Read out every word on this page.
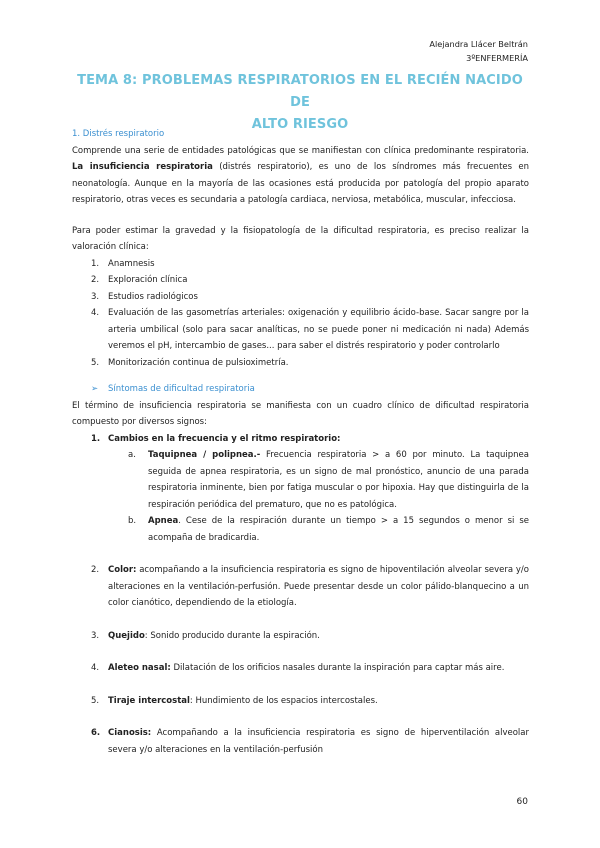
Alejandra Llácer Beltrán
3ºENFERMERÍA
TEMA 8: PROBLEMAS RESPIRATORIOS EN EL RECIÉN NACIDO DE
ALTO RIESGO

1. Distrés respiratorio

Comprende una serie de entidades patológicas que se manifiestan con clínica predominante respiratoria. La insuficiencia respiratoria (distrés respiratorio), es uno de los síndromes más frecuentes en neonatología. Aunque en la mayoría de las ocasiones está producida por patología del propio aparato respiratorio, otras veces es secundaria a patología cardiaca, nerviosa, metabólica, muscular, infecciosa.

Para poder estimar la gravedad y la fisiopatología de la dificultad respiratoria, es preciso realizar la valoración clínica:

1. Anamnesis
2. Exploración clínica
3. Estudios radiológicos
4. Evaluación de las gasometrías arteriales: oxigenación y equilibrio ácido-base. Sacar sangre por la arteria umbilical (solo para sacar analíticas, no se puede poner ni medicación ni nada) Además veremos el pH, intercambio de gases... para saber el distrés respiratorio y poder controlarlo
5. Monitorización continua de pulsioximetría.

➢ Síntomas de dificultad respiratoria

El término de insuficiencia respiratoria se manifiesta con un cuadro clínico de dificultad respiratoria compuesto por diversos signos:

1. Cambios en la frecuencia y el ritmo respiratorio:
a. Taquipnea / polipnea.- Frecuencia respiratoria > a 60 por minuto. La taquipnea seguida de apnea respiratoria, es un signo de mal pronóstico, anuncio de una parada respiratoria inminente, bien por fatiga muscular o por hipoxia. Hay que distinguirla de la respiración periódica del prematuro, que no es patológica.
b. Apnea. Cese de la respiración durante un tiempo > a 15 segundos o menor si se acompaña de bradicardia.
2. Color: acompañando a la insuficiencia respiratoria es signo de hipoventilación alveolar severa y/o alteraciones en la ventilación-perfusión. Puede presentar desde un color pálido-blanquecino a un color cianótico, dependiendo de la etiología.
3. Quejido: Sonido producido durante la espiración.
4. Aleteo nasal: Dilatación de los orificios nasales durante la inspiración para captar más aire.
5. Tiraje intercostal: Hundimiento de los espacios intercostales.
6. Cianosis: Acompañando a la insuficiencia respiratoria es signo de hiperventilación alveolar severa y/o alteraciones en la ventilación-perfusión
60
